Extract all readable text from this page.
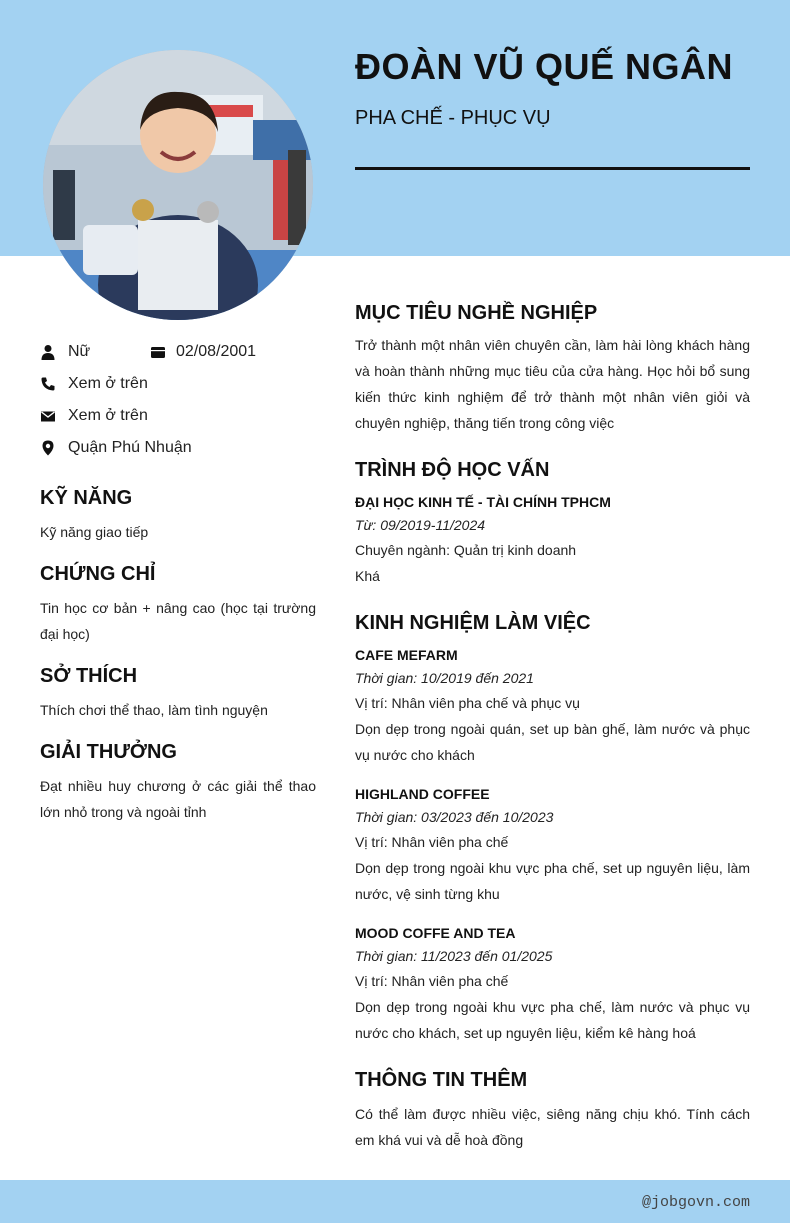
ĐOÀN VŨ QUẾ NGÂN
PHA CHẾ - PHỤC VỤ
Nữ	02/08/2001
Xem ở trên
Xem ở trên
Quận Phú Nhuận
KỸ NĂNG
Kỹ năng giao tiếp
CHỨNG CHỈ
Tin học cơ bản + nâng cao (học tại trường đại học)
SỞ THÍCH
Thích chơi thể thao, làm tình nguyện
GIẢI THƯỞNG
Đạt nhiều huy chương ở các giải thể thao lớn nhỏ trong và ngoài tỉnh
MỤC TIÊU NGHỀ NGHIỆP
Trở thành một nhân viên chuyên cần, làm hài lòng khách hàng và hoàn thành những mục tiêu của cửa hàng. Học hỏi bổ sung kiến thức kinh nghiệm để trở thành một nhân viên giỏi và chuyên nghiệp, thăng tiến trong công việc
TRÌNH ĐỘ HỌC VẤN
ĐẠI HỌC KINH TẾ - TÀI CHÍNH TPHCM
Từ: 09/2019-11/2024
Chuyên ngành: Quản trị kinh doanh
Khá
KINH NGHIỆM LÀM VIỆC
CAFE MEFARM
Thời gian: 10/2019 đến 2021
Vị trí: Nhân viên pha chế và phục vụ
Dọn dẹp trong ngoài quán, set up bàn ghế, làm nước và phục vụ nước cho khách
HIGHLAND COFFEE
Thời gian: 03/2023 đến 10/2023
Vị trí: Nhân viên pha chế
Dọn dẹp trong ngoài khu vực pha chế, set up nguyên liệu, làm nước, vệ sinh từng khu
MOOD COFFE AND TEA
Thời gian: 11/2023 đến 01/2025
Vị trí: Nhân viên pha chế
Dọn dẹp trong ngoài khu vực pha chế, làm nước và phục vụ nước cho khách, set up nguyên liệu, kiểm kê hàng hoá
THÔNG TIN THÊM
Có thể làm được nhiều việc, siêng năng chịu khó. Tính cách em khá vui và dễ hoà đồng
@jobgovn.com
